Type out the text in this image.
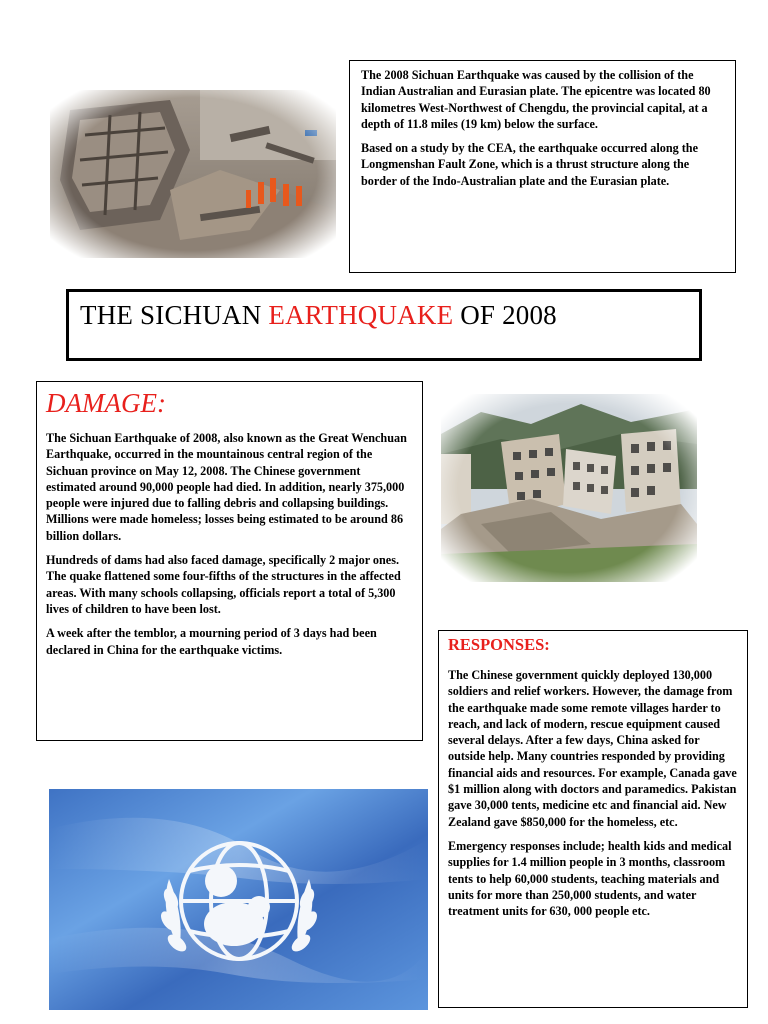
The 2008 Sichuan Earthquake was caused by the collision of the Indian Australian and Eurasian plate. The epicentre was located 80 kilometres West-Northwest of Chengdu, the provincial capital, at a depth of 11.8 miles (19 km) below the surface.

Based on a study by the CEA, the earthquake occurred along the Longmenshan Fault Zone, which is a thrust structure along the border of the Indo-Australian plate and the Eurasian plate.

THE SICHUAN EARTHQUAKE OF 2008
DAMAGE:

The Sichuan Earthquake of 2008, also known as the Great Wenchuan Earthquake, occurred in the mountainous central region of the Sichuan province on May 12, 2008. The Chinese government estimated around 90,000 people had died. In addition, nearly 375,000 people were injured due to falling debris and collapsing buildings. Millions were made homeless; losses being estimated to be around 86 billion dollars.

Hundreds of dams had also faced damage, specifically 2 major ones. The quake flattened some four-fifths of the structures in the affected areas. With many schools collapsing, officials report a total of 5,300 lives of children to have been lost.

A week after the temblor, a mourning period of 3 days had been declared in China for the earthquake victims.	RESPONSES:

The Chinese government quickly deployed 130,000 soldiers and relief workers. However, the damage from the earthquake made some remote villages harder to reach, and lack of modern, rescue equipment caused several delays. After a few days, China asked for outside help. Many countries responded by providing financial aids and resources. For example, Canada gave $1 million along with doctors and paramedics. Pakistan gave 30,000 tents, medicine etc and financial aid. New Zealand gave $850,000 for the homeless, etc.

Emergency responses include; health kids and medical supplies for 1.4 million people in 3 months, classroom tents to help 60,000 students, teaching materials and units for more than 250,000 students, and water treatment units for 630, 000 people etc.
